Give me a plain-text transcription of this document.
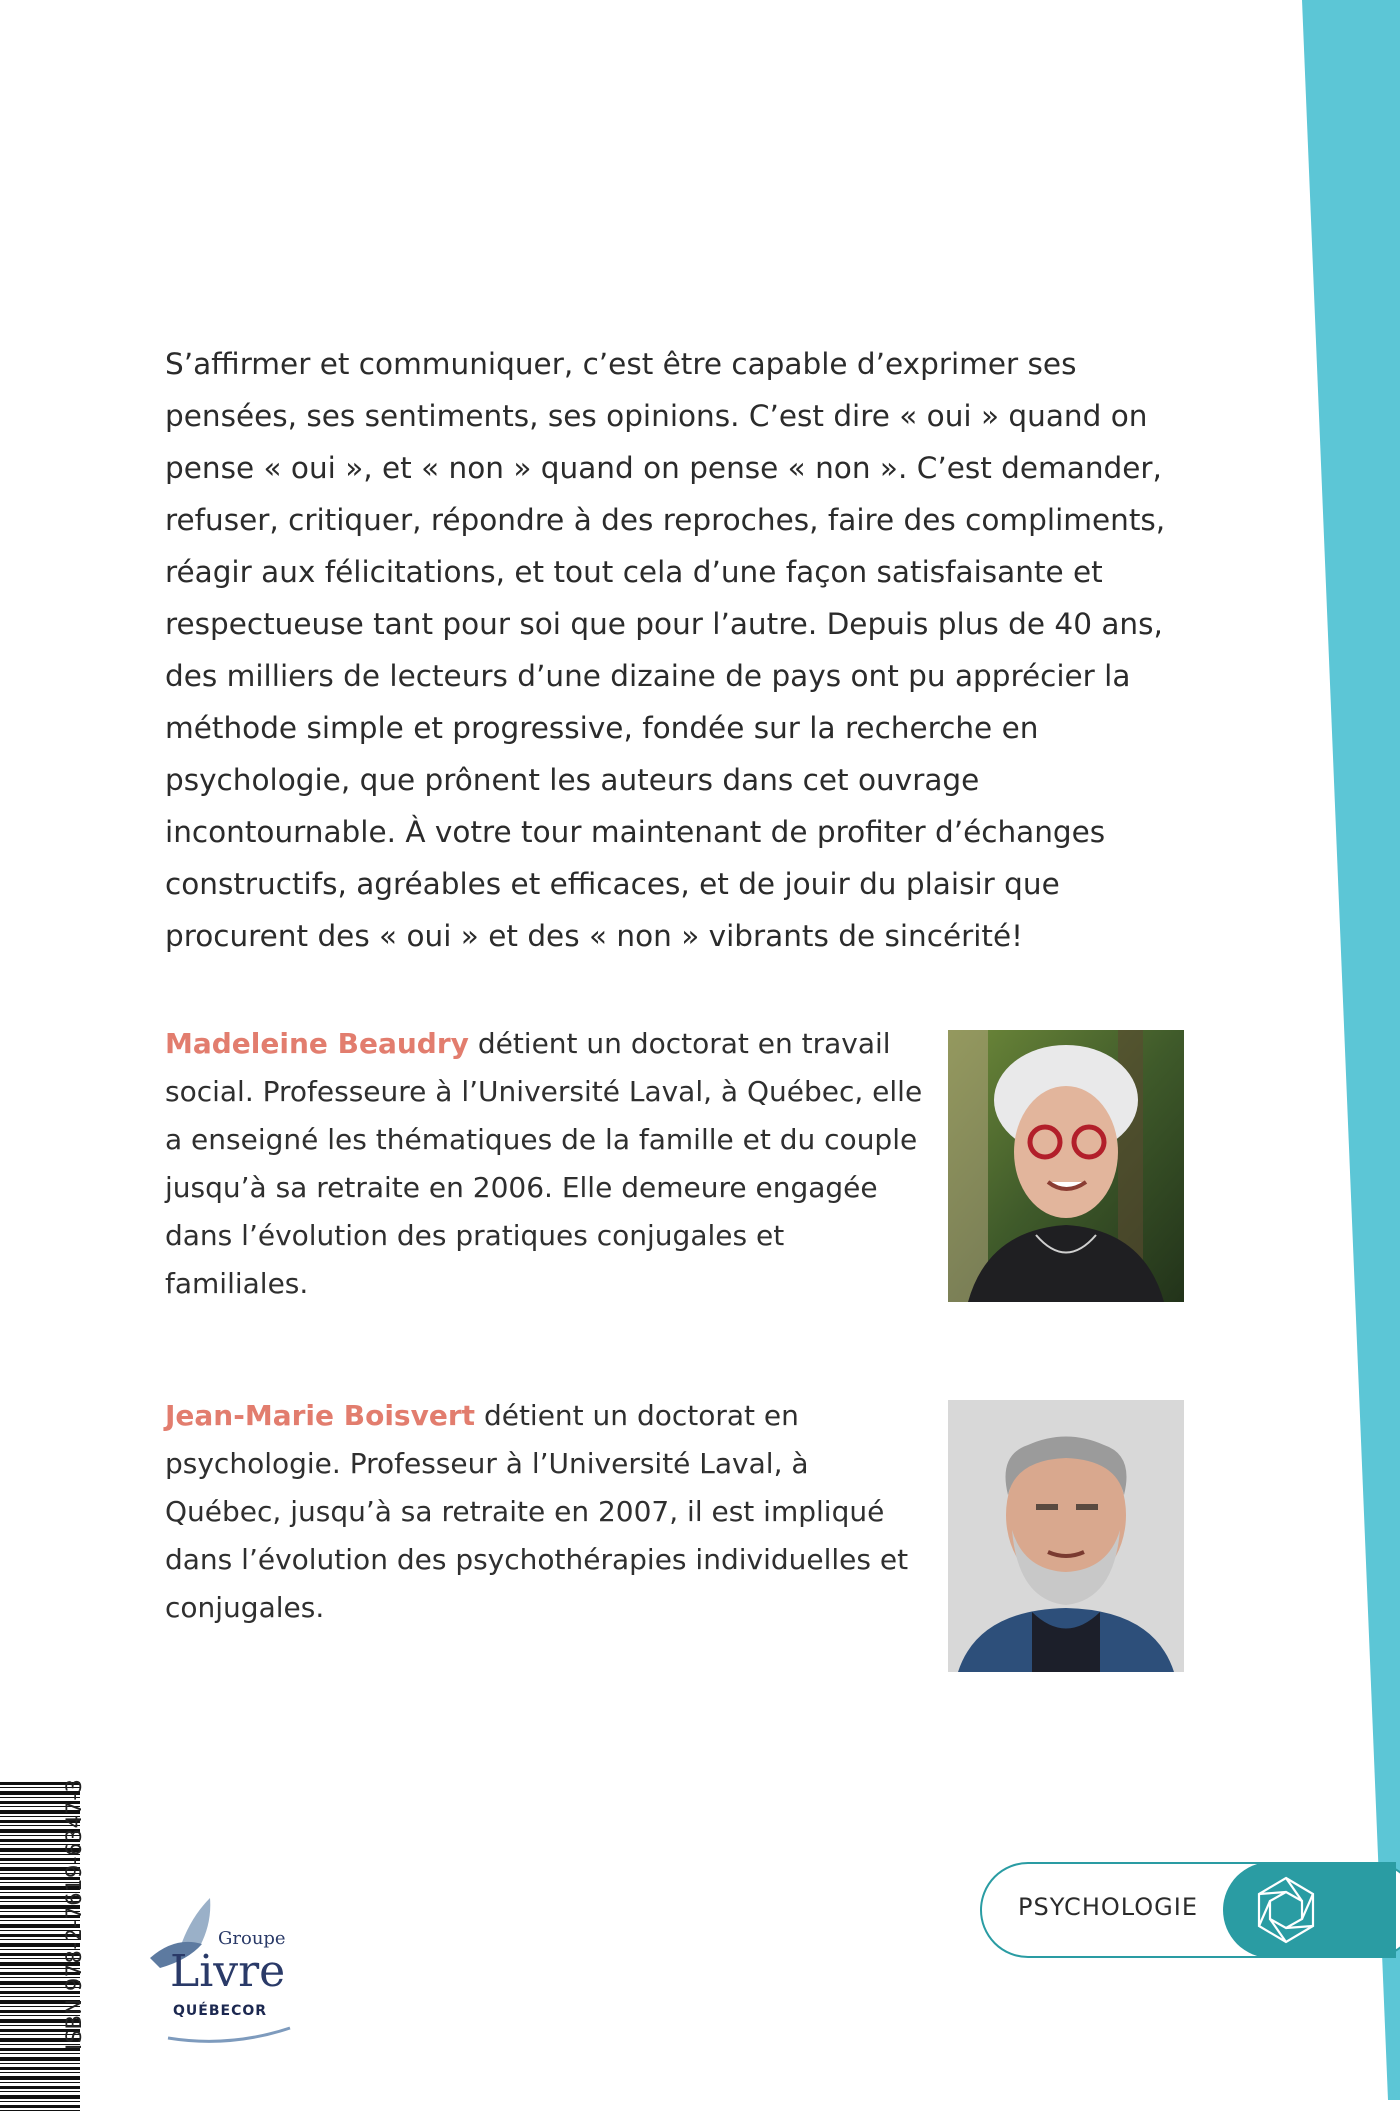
S’affirmer et communiquer, c’est être capable d’exprimer ses pensées, ses sentiments, ses opinions. C’est dire « oui » quand on pense « oui », et « non » quand on pense « non ». C’est demander, refuser, critiquer, répondre à des reproches, faire des compliments, réagir aux félicitations, et tout cela d’une façon satisfaisante et respectueuse tant pour soi que pour l’autre. Depuis plus de 40 ans, des milliers de lecteurs d’une dizaine de pays ont pu apprécier la méthode simple et progressive, fondée sur la recherche en psychologie, que prônent les auteurs dans cet ouvrage incontournable. À votre tour maintenant de profiter d’échanges constructifs, agréables et efficaces, et de jouir du plaisir que procurent des « oui » et des « non » vibrants de sincérité!

Madeleine Beaudry détient un doctorat en travail social. Professeure à l’Université Laval, à Québec, elle a enseigné les thématiques de la famille et du couple jusqu’à sa retraite en 2006. Elle demeure engagée dans l’évolution des pratiques conjugales et familiales.

Jean-Marie Boisvert détient un doctorat en psychologie. Professeur à l’Université Laval, à Québec, jusqu’à sa retraite en 2007, il est impliqué dans l’évolution des psychothérapies individuelles et conjugales.

ISBN 978-2-7619-6347-3	Groupe
Livre
QUÉBECOR
PSYCHOLOGIE
